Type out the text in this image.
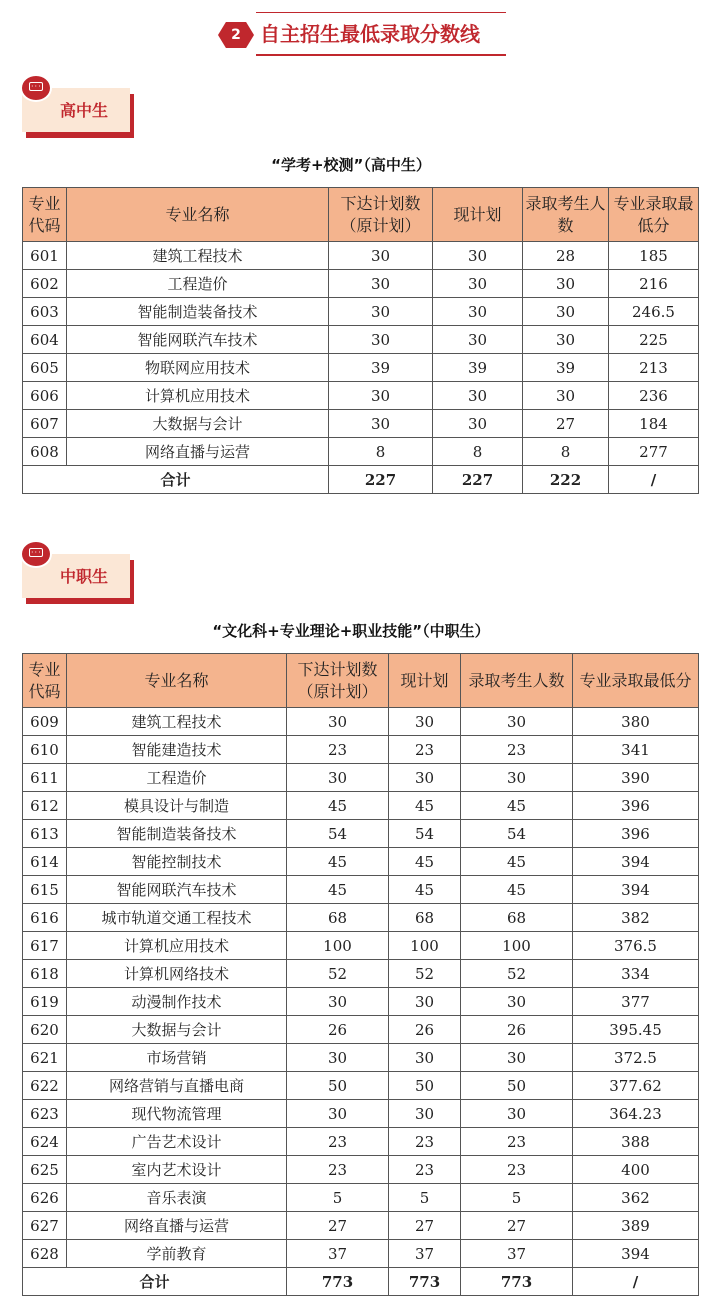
2 自主招生最低录取分数线
···
高中生
“学考+校测”（高中生）
专业代码	专业名称	下达计划数（原计划）	现计划	录取考生人数	专业录取最低分
601	建筑工程技术	30	30	28	185
602	工程造价	30	30	30	216
603	智能制造装备技术	30	30	30	246.5
604	智能网联汽车技术	30	30	30	225
605	物联网应用技术	39	39	39	213
606	计算机应用技术	30	30	30	236
607	大数据与会计	30	30	27	184
608	网络直播与运营	8	8	8	277
合计		227	227	222	/
···
中职生
“文化科+专业理论+职业技能”（中职生）
专业代码	专业名称	下达计划数（原计划）	现计划	录取考生人数	专业录取最低分
609	建筑工程技术	30	30	30	380
610	智能建造技术	23	23	23	341
611	工程造价	30	30	30	390
612	模具设计与制造	45	45	45	396
613	智能制造装备技术	54	54	54	396
614	智能控制技术	45	45	45	394
615	智能网联汽车技术	45	45	45	394
616	城市轨道交通工程技术	68	68	68	382
617	计算机应用技术	100	100	100	376.5
618	计算机网络技术	52	52	52	334
619	动漫制作技术	30	30	30	377
620	大数据与会计	26	26	26	395.45
621	市场营销	30	30	30	372.5
622	网络营销与直播电商	50	50	50	377.62
623	现代物流管理	30	30	30	364.23
624	广告艺术设计	23	23	23	388
625	室内艺术设计	23	23	23	400
626	音乐表演	5	5	5	362
627	网络直播与运营	27	27	27	389
628	学前教育	37	37	37	394
合计		773	773	773	/
